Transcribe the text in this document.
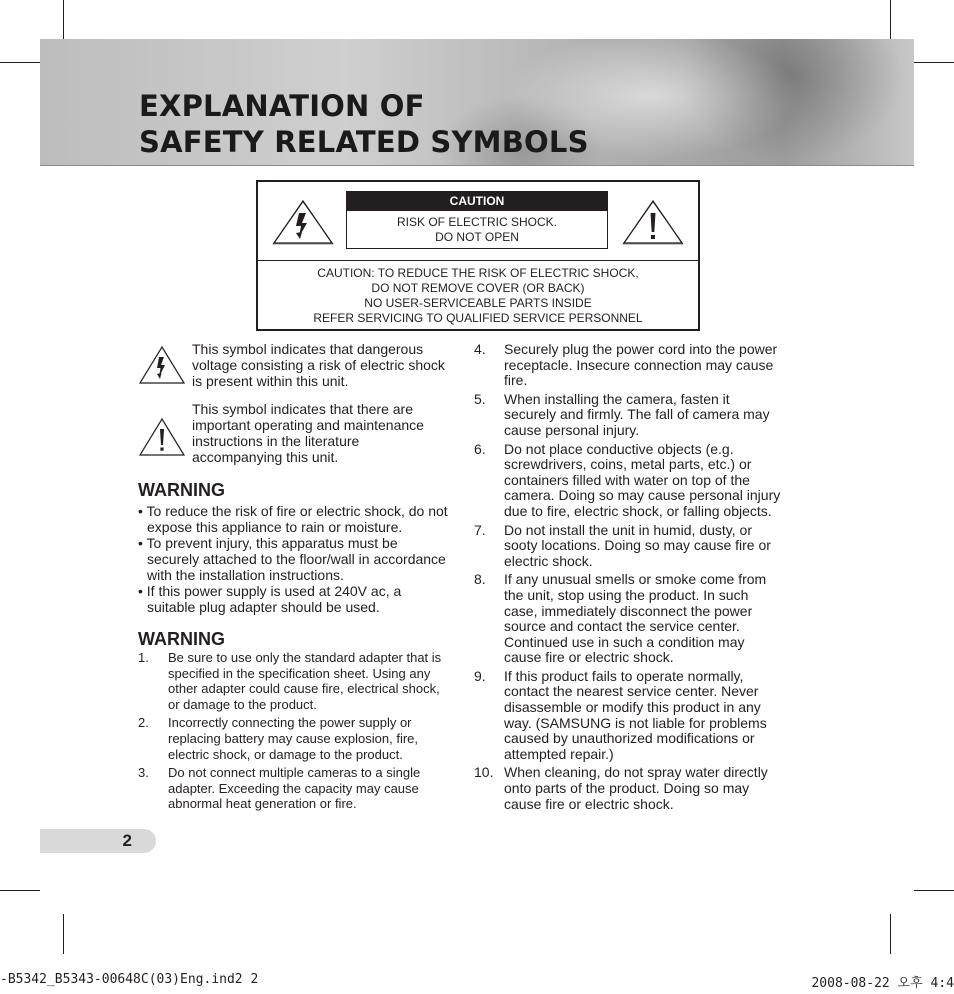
EXPLANATION OF
SAFETY RELATED SYMBOLS
CAUTION
RISK OF ELECTRIC SHOCK.
DO NOT OPEN
CAUTION: TO REDUCE THE RISK OF ELECTRIC SHOCK,
DO NOT REMOVE COVER (OR BACK)
NO USER-SERVICEABLE PARTS INSIDE
REFER SERVICING TO QUALIFIED SERVICE PERSONNEL
This symbol indicates that dangerous voltage consisting a risk of electric shock is present within this unit.
This symbol indicates that there are important operating and maintenance instructions in the literature accompanying this unit.
WARNING
• To reduce the risk of fire or electric shock, do not expose this appliance to rain or moisture.
• To prevent injury, this apparatus must be securely attached to the floor/wall in accordance with the installation instructions.
• If this power supply is used at 240V ac, a suitable plug adapter should be used.
WARNING
1. Be sure to use only the standard adapter that is specified in the specification sheet. Using any other adapter could cause fire, electrical shock, or damage to the product.
2. Incorrectly connecting the power supply or replacing battery may cause explosion, fire, electric shock, or damage to the product.
3. Do not connect multiple cameras to a single adapter. Exceeding the capacity may cause abnormal heat generation or fire.
4. Securely plug the power cord into the power receptacle. Insecure connection may cause fire.
5. When installing the camera, fasten it securely and firmly. The fall of camera may cause personal injury.
6. Do not place conductive objects (e.g. screwdrivers, coins, metal parts, etc.) or containers filled with water on top of the camera. Doing so may cause personal injury due to fire, electric shock, or falling objects.
7. Do not install the unit in humid, dusty, or sooty locations. Doing so may cause fire or electric shock.
8. If any unusual smells or smoke come from the unit, stop using the product. In such case, immediately disconnect the power source and contact the service center. Continued use in such a condition may cause fire or electric shock.
9. If this product fails to operate normally, contact the nearest service center. Never disassemble or modify this product in any way. (SAMSUNG is not liable for problems caused by unauthorized modifications or attempted repair.)
10. When cleaning, do not spray water directly onto parts of the product. Doing so may cause fire or electric shock.
2
-B5342_B5343-00648C(03)Eng.ind2 2	2008-08-22 오후 4:4
